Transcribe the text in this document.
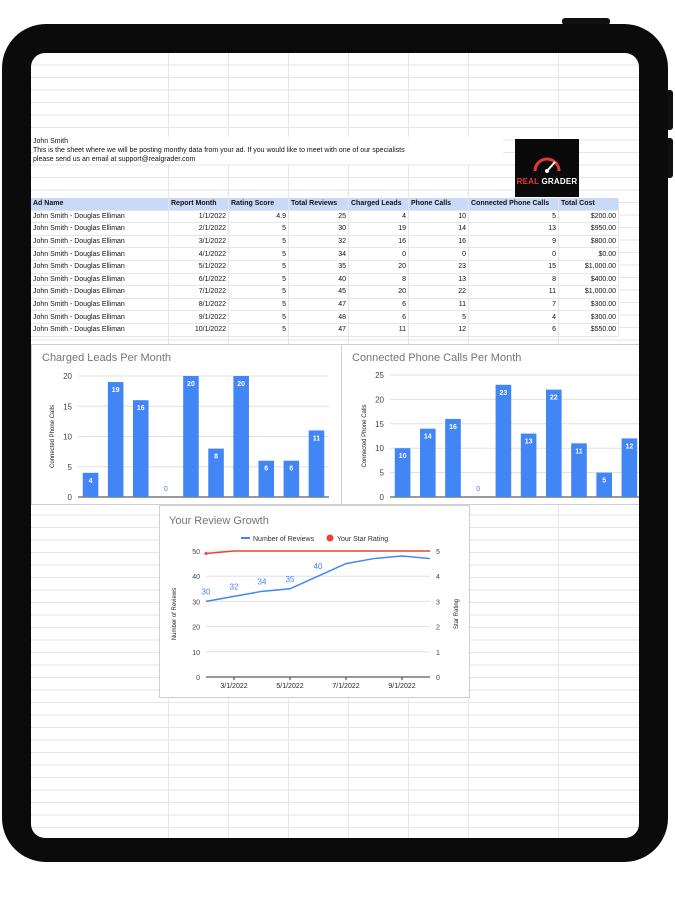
John Smith
This is the sheet where we will be posting monthy data from your ad. If you would like to meet with one of our specialists
please send us an email at support@realgrader.com
REAL GRADER
Ad Name	Report Month	Rating Score	Total Reviews	Charged Leads	Phone Calls	Connected Phone Calls	Total Cost
John Smith - Douglas Elliman	1/1/2022	4.9	25	4	10	5	$200.00
John Smith - Douglas Elliman	2/1/2022	5	30	19	14	13	$950.00
John Smith - Douglas Elliman	3/1/2022	5	32	16	16	9	$800.00
John Smith - Douglas Elliman	4/1/2022	5	34	0	0	0	$0.00
John Smith - Douglas Elliman	5/1/2022	5	35	20	23	15	$1,000.00
John Smith - Douglas Elliman	6/1/2022	5	40	8	13	8	$400.00
John Smith - Douglas Elliman	7/1/2022	5	45	20	22	11	$1,000.00
John Smith - Douglas Elliman	8/1/2022	5	47	6	11	7	$300.00
John Smith - Douglas Elliman	9/1/2022	5	48	6	5	4	$300.00
John Smith - Douglas Elliman	10/1/2022	5	47	11	12	6	$550.00
Charged Leads Per Month
0
5
10
15
20
Connected Phone Calls
4
19
16
0
20
8
20
6	6
11
Connected Phone Calls Per Month
0
5
10
15
20
25
Connected Phone Calls	10
14
16
0
23
13
22
11
5
12
Your Review Growth
Number of Reviews	Your Star Rating
0
10
20
30
40
50
0
1
2
3
4
5
Number of Reviews	Star Rating
3/1/2022	5/1/2022	7/1/2022	9/1/2022
30
32
34 35
40
